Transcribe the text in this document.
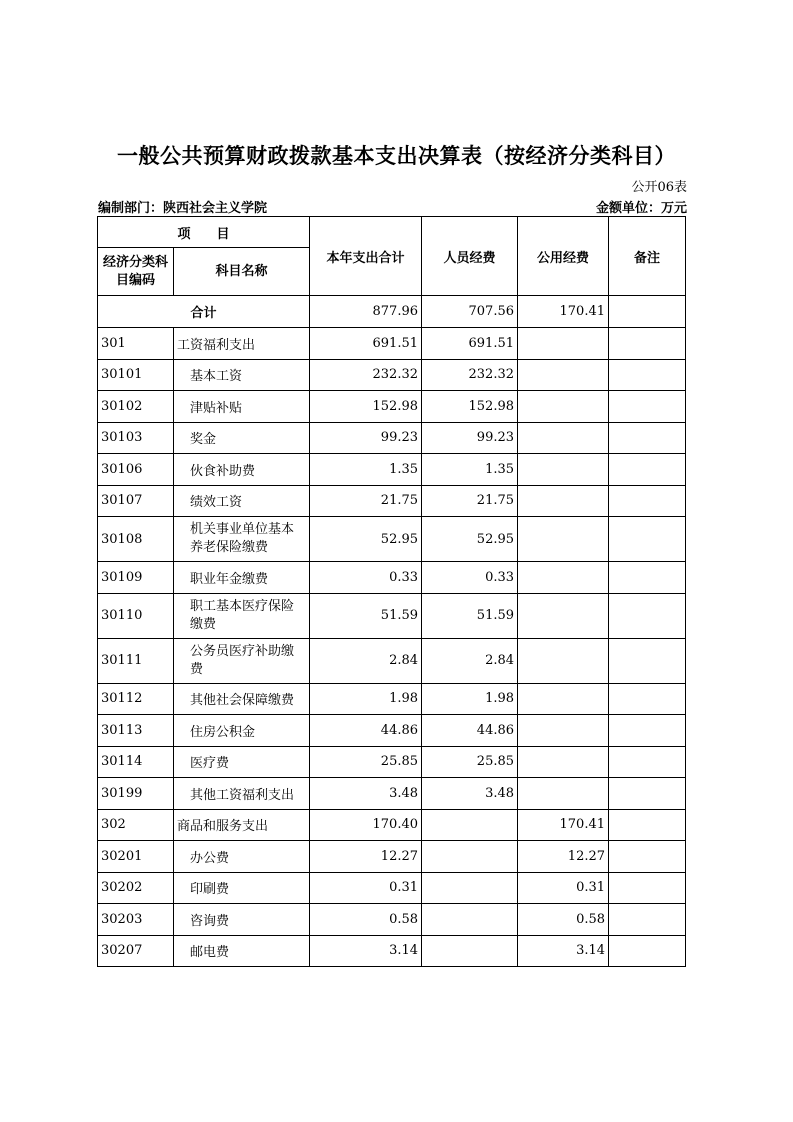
一般公共预算财政拨款基本支出决算表（按经济分类科目）
公开06表
编制部门：陕西社会主义学院	金额单位：万元
项　　目		本年支出合计	人员经费	公用经费	备注
经济分类科目编码	科目名称				
合计		877.96	707.56	170.41	
301	工资福利支出	691.51	691.51		
30101	基本工资	232.32	232.32		
30102	津贴补贴	152.98	152.98		
30103	奖金	99.23	99.23		
30106	伙食补助费	1.35	1.35		
30107	绩效工资	21.75	21.75		
30108	机关事业单位基本养老保险缴费	52.95	52.95		
30109	职业年金缴费	0.33	0.33		
30110	职工基本医疗保险缴费	51.59	51.59		
30111	公务员医疗补助缴费	2.84	2.84		
30112	其他社会保障缴费	1.98	1.98		
30113	住房公积金	44.86	44.86		
30114	医疗费	25.85	25.85		
30199	其他工资福利支出	3.48	3.48		
302	商品和服务支出	170.40		170.41	
30201	办公费	12.27		12.27	
30202	印刷费	0.31		0.31	
30203	咨询费	0.58		0.58	
30207	邮电费	3.14		3.14	
